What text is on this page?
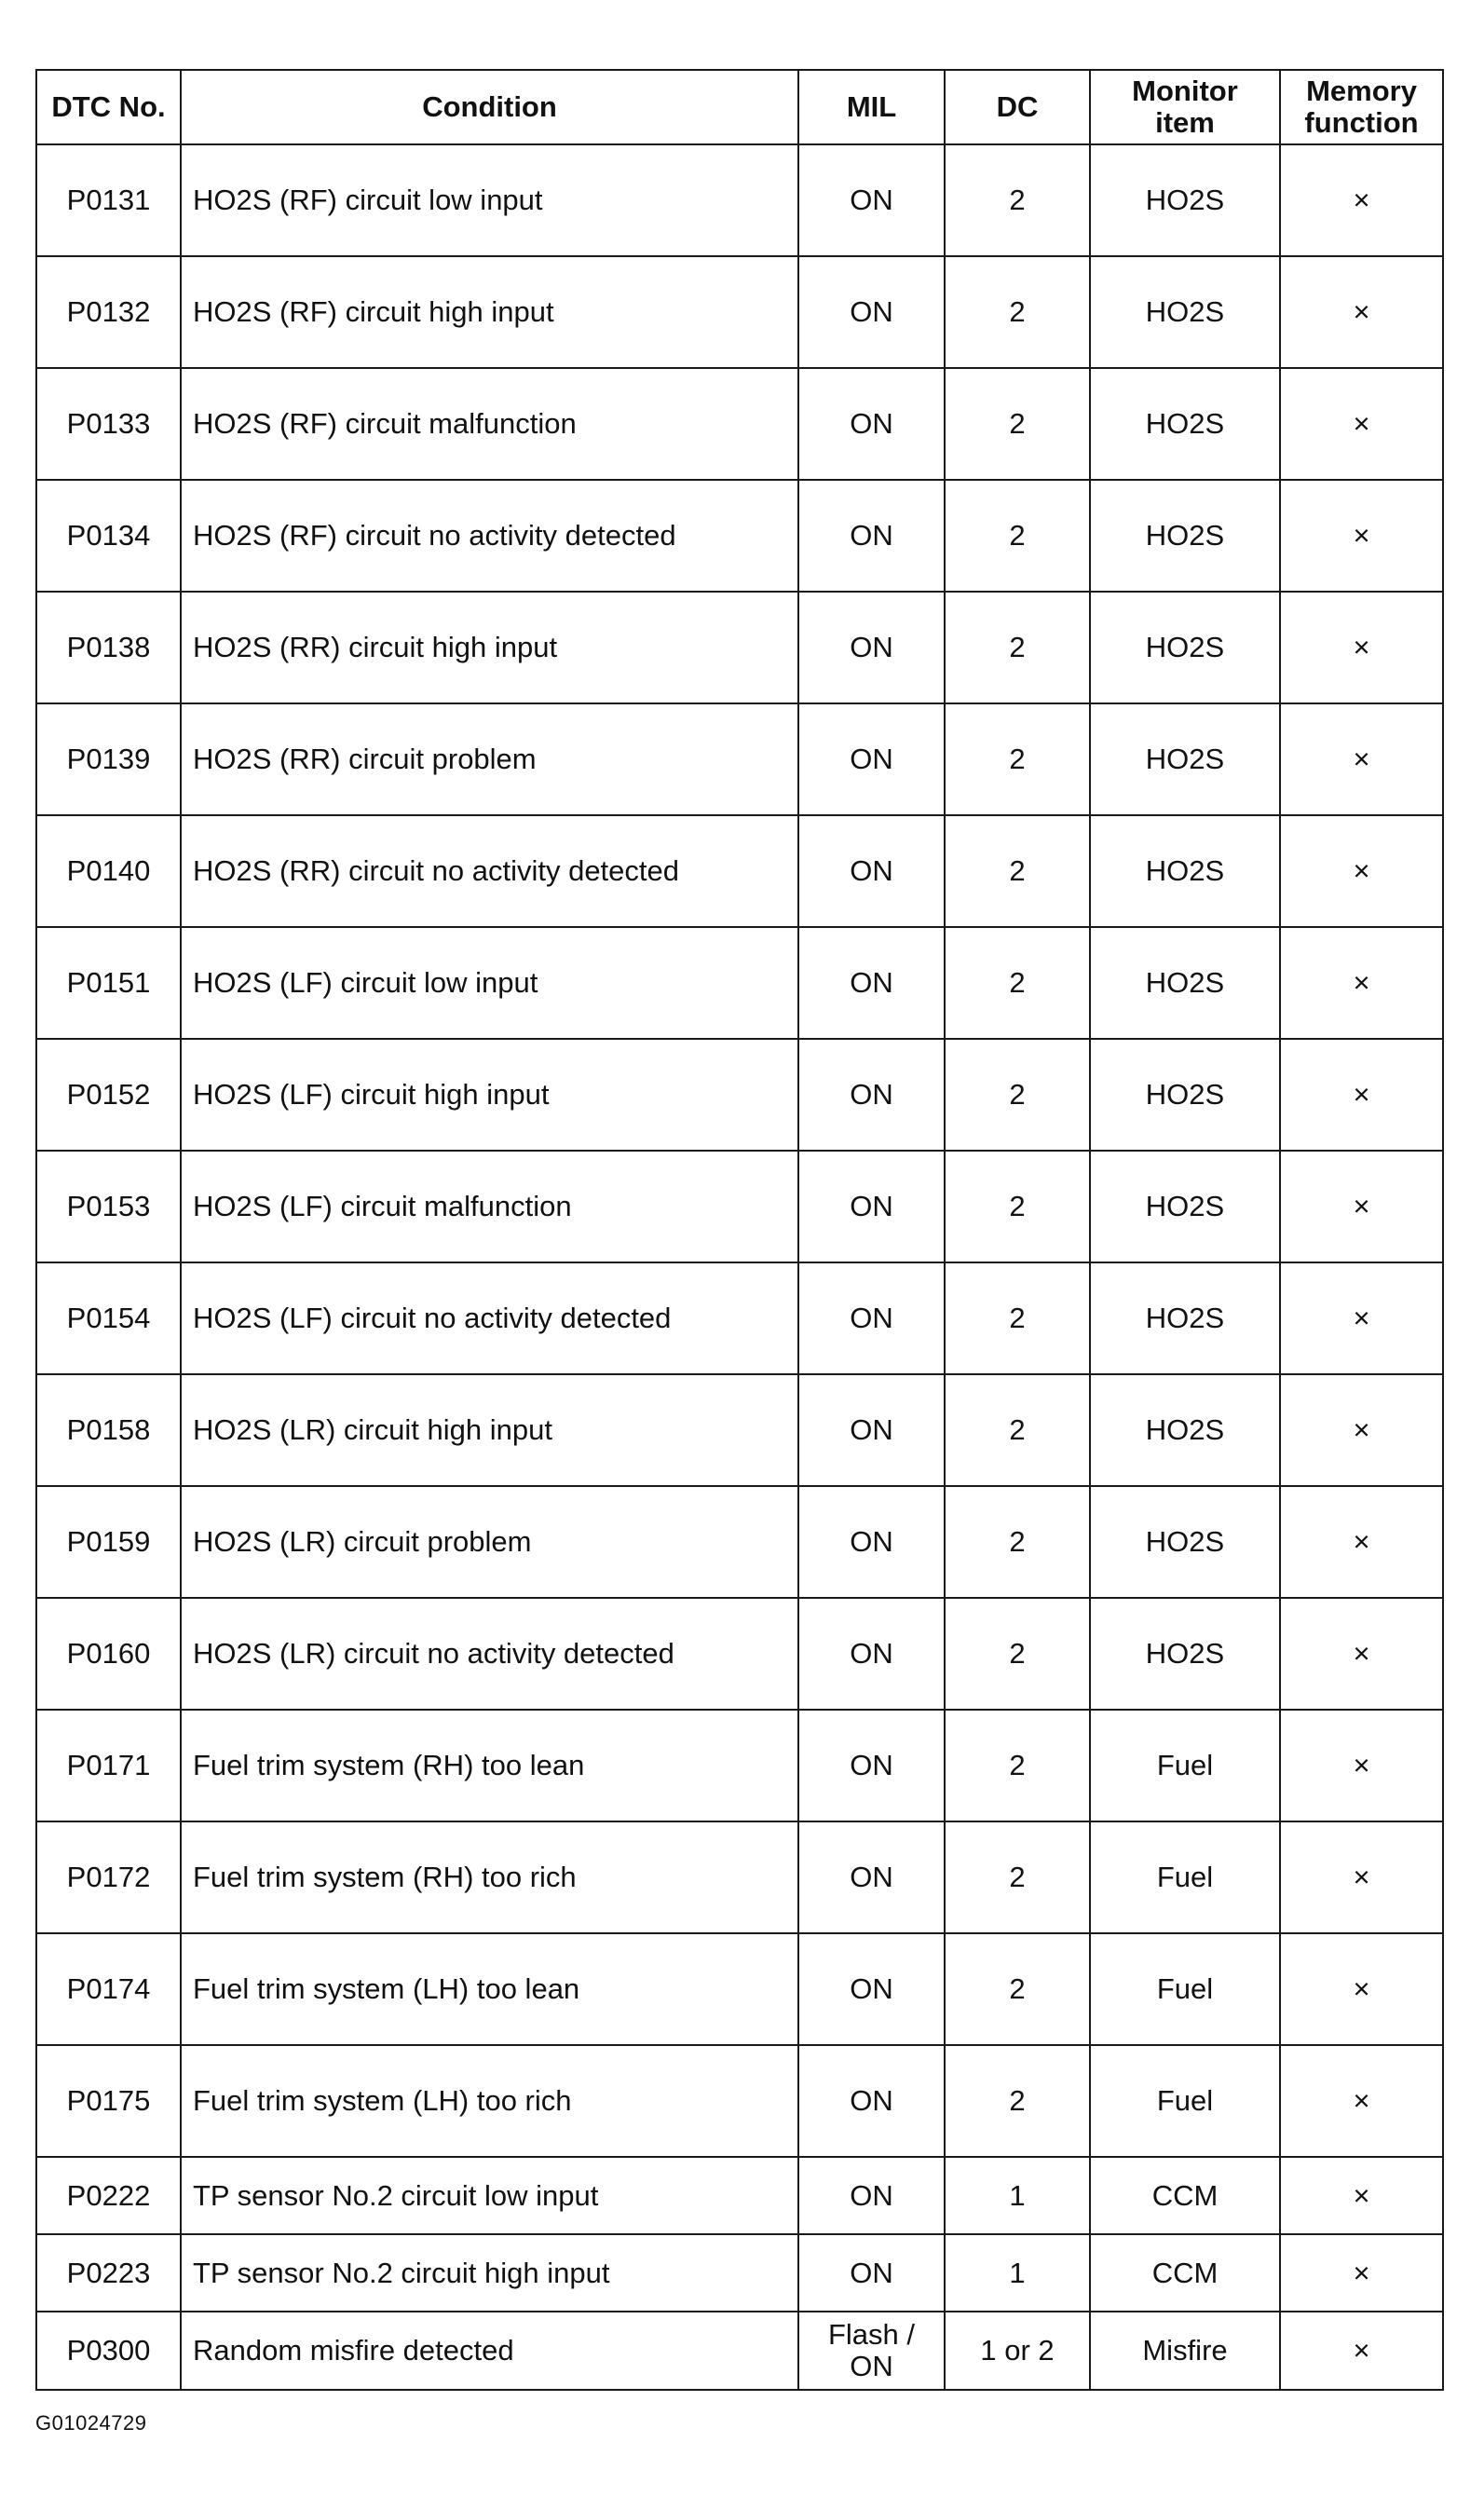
DTC No.	Condition	MIL	DC	Monitor item	Memory function
P0131	HO2S (RF) circuit low input	ON	2	HO2S	×
P0132	HO2S (RF) circuit high input	ON	2	HO2S	×
P0133	HO2S (RF) circuit malfunction	ON	2	HO2S	×
P0134	HO2S (RF) circuit no activity detected	ON	2	HO2S	×
P0138	HO2S (RR) circuit high input	ON	2	HO2S	×
P0139	HO2S (RR) circuit problem	ON	2	HO2S	×
P0140	HO2S (RR) circuit no activity detected	ON	2	HO2S	×
P0151	HO2S (LF) circuit low input	ON	2	HO2S	×
P0152	HO2S (LF) circuit high input	ON	2	HO2S	×
P0153	HO2S (LF) circuit malfunction	ON	2	HO2S	×
P0154	HO2S (LF) circuit no activity detected	ON	2	HO2S	×
P0158	HO2S (LR) circuit high input	ON	2	HO2S	×
P0159	HO2S (LR) circuit problem	ON	2	HO2S	×
P0160	HO2S (LR) circuit no activity detected	ON	2	HO2S	×
P0171	Fuel trim system (RH) too lean	ON	2	Fuel	×
P0172	Fuel trim system (RH) too rich	ON	2	Fuel	×
P0174	Fuel trim system (LH) too lean	ON	2	Fuel	×
P0175	Fuel trim system (LH) too rich	ON	2	Fuel	×
P0222	TP sensor No.2 circuit low input	ON	1	CCM	×
P0223	TP sensor No.2 circuit high input	ON	1	CCM	×
P0300	Random misfire detected	Flash / ON	1 or 2	Misfire	×
G01024729
